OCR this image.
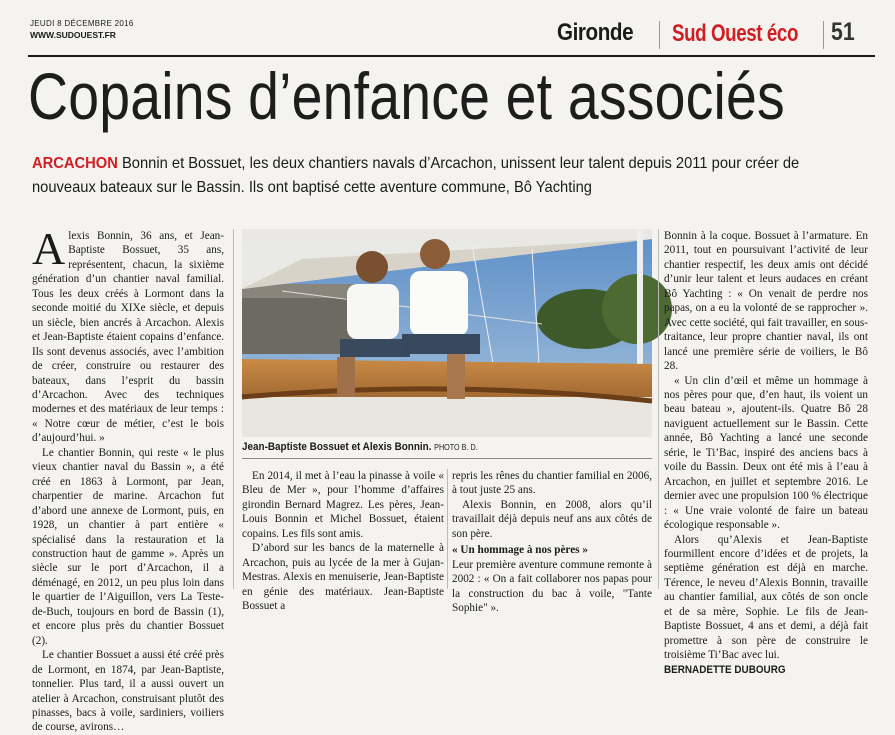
JEUDI 8 DÉCEMBRE 2016
WWW.SUDOUEST.FR	Gironde Sud Ouest éco 51
Copains d’enfance et associés
ARCACHON Bonnin et Bossuet, les deux chantiers navals d’Arcachon, unissent leur talent depuis 2011 pour créer de nouveaux bateaux sur le Bassin. Ils ont baptisé cette aventure commune, Bô Yachting

Alexis Bonnin, 36 ans, et Jean-Baptiste Bossuet, 35 ans, représentent, chacun, la sixième génération d’un chantier naval familial. Tous les deux créés à Lormont dans la seconde moitié du XIXe siècle, et depuis un siècle, bien ancrés à Arcachon. Alexis et Jean-Baptiste étaient copains d’enfance. Ils sont devenus associés, avec l’ambition de créer, construire ou restaurer des bateaux, dans l’esprit du bassin d’Arcachon. Avec des techniques modernes et des matériaux de leur temps : « Notre cœur de métier, c’est le bois d’aujourd’hui. »

Le chantier Bonnin, qui reste « le plus vieux chantier naval du Bassin », a été créé en 1863 à Lormont, par Jean, charpentier de marine. Arcachon fut d’abord une annexe de Lormont, puis, en 1928, un chantier à part entière « spécialisé dans la restauration et la construction haut de gamme ». Après un siècle sur le port d’Arcachon, il a déménagé, en 2012, un peu plus loin dans le quartier de l’Aiguillon, vers La Teste-de-Buch, toujours en bord de Bassin (1), et encore plus près du chantier Bossuet (2).

Le chantier Bossuet a aussi été créé près de Lormont, en 1874, par Jean-Baptiste, tonnelier. Plus tard, il a aussi ouvert un atelier à Arcachon, construisant plutôt des pinasses, bacs à voile, sardiniers, voiliers de course, avirons…

Jean-Baptiste Bossuet et Alexis Bonnin. PHOTO B. D.

En 2014, il met à l’eau la pinasse à voile « Bleu de Mer », pour l’homme d’affaires girondin Bernard Magrez. Les pères, Jean-Louis Bonnin et Michel Bossuet, étaient copains. Les fils sont amis.

D’abord sur les bancs de la maternelle à Arcachon, puis au lycée de la mer à Gujan-Mestras. Alexis en menuiserie, Jean-Baptiste en génie des matériaux. Jean-Baptiste Bossuet a

repris les rênes du chantier familial en 2006, à tout juste 25 ans.

Alexis Bonnin, en 2008, alors qu’il travaillait déjà depuis neuf ans aux côtés de son père.

« Un hommage à nos pères »

Leur première aventure commune remonte à 2002 : « On a fait collaborer nos papas pour la construction du bac à voile, "Tante Sophie" ».

Bonnin à la coque. Bossuet à l’armature. En 2011, tout en poursuivant l’activité de leur chantier respectif, les deux amis ont décidé d’unir leur talent et leurs audaces en créant Bô Yachting : « On venait de perdre nos papas, on a eu la volonté de se rapprocher ». Avec cette société, qui fait travailler, en sous-traitance, leur propre chantier naval, ils ont lancé une première série de voiliers, le Bô 28.

« Un clin d’œil et même un hommage à nos pères pour que, d’en haut, ils voient un beau bateau », ajoutent-ils. Quatre Bô 28 naviguent actuellement sur le Bassin. Cette année, Bô Yachting a lancé une seconde série, le Ti’Bac, inspiré des anciens bacs à voile du Bassin. Deux ont été mis à l’eau à Arcachon, en juillet et septembre 2016. Le dernier avec une propulsion 100 % électrique : « Une vraie volonté de faire un bateau écologique responsable ».

Alors qu’Alexis et Jean-Baptiste fourmillent encore d’idées et de projets, la septième génération est déjà en marche. Térence, le neveu d’Alexis Bonnin, travaille au chantier familial, aux côtés de son oncle et de sa mère, Sophie. Le fils de Jean-Baptiste Bossuet, 4 ans et demi, a déjà fait promettre à son père de construire le troisième Ti’Bac avec lui.

BERNADETTE DUBOURG
